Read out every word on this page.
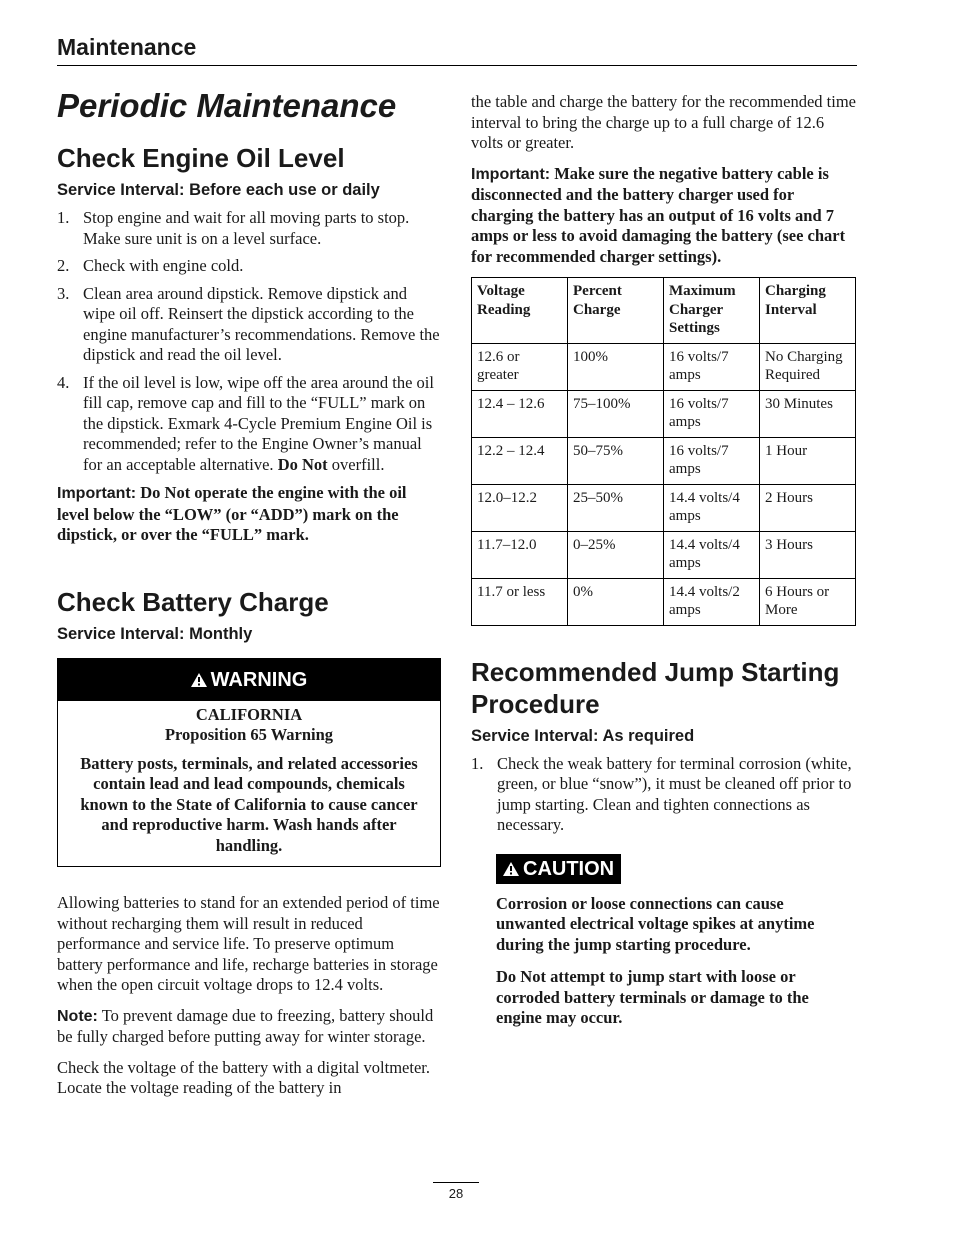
Maintenance
Periodic Maintenance
Check Engine Oil Level
Service Interval: Before each use or daily
1. Stop engine and wait for all moving parts to stop. Make sure unit is on a level surface.
2. Check with engine cold.
3. Clean area around dipstick. Remove dipstick and wipe oil off. Reinsert the dipstick according to the engine manufacturer’s recommendations. Remove the dipstick and read the oil level.
4. If the oil level is low, wipe off the area around the oil fill cap, remove cap and fill to the “FULL” mark on the dipstick. Exmark 4-Cycle Premium Engine Oil is recommended; refer to the Engine Owner’s manual for an acceptable alternative. Do Not overfill.

Important: Do Not operate the engine with the oil level below the “LOW” (or “ADD”) mark on the dipstick, or over the “FULL” mark.

Check Battery Charge
Service Interval: Monthly
WARNING
CALIFORNIA
Proposition 65 Warning
Battery posts, terminals, and related accessories contain lead and lead compounds, chemicals known to the State of California to cause cancer and reproductive harm. Wash hands after handling.

Allowing batteries to stand for an extended period of time without recharging them will result in reduced performance and service life. To preserve optimum battery performance and life, recharge batteries in storage when the open circuit voltage drops to 12.4 volts.

Note: To prevent damage due to freezing, battery should be fully charged before putting away for winter storage.

Check the voltage of the battery with a digital voltmeter. Locate the voltage reading of the battery in

the table and charge the battery for the recommended time interval to bring the charge up to a full charge of 12.6 volts or greater.

Important: Make sure the negative battery cable is disconnected and the battery charger used for charging the battery has an output of 16 volts and 7 amps or less to avoid damaging the battery (see chart for recommended charger settings).

Voltage Reading	Percent Charge	Maximum Charger Settings	Charging Interval
12.6 or greater	100%	16 volts/7 amps	No Charging Required
12.4 – 12.6	75–100%	16 volts/7 amps	30 Minutes
12.2 – 12.4	50–75%	16 volts/7 amps	1 Hour
12.0–12.2	25–50%	14.4 volts/4 amps	2 Hours
11.7–12.0	0–25%	14.4 volts/4 amps	3 Hours
11.7 or less	0%	14.4 volts/2 amps	6 Hours or More
Recommended Jump Starting Procedure
Service Interval: As required
1. Check the weak battery for terminal corrosion (white, green, or blue “snow”), it must be cleaned off prior to jump starting. Clean and tighten connections as necessary.
CAUTION

Corrosion or loose connections can cause unwanted electrical voltage spikes at anytime during the jump starting procedure.

Do Not attempt to jump start with loose or corroded battery terminals or damage to the engine may occur.

28
